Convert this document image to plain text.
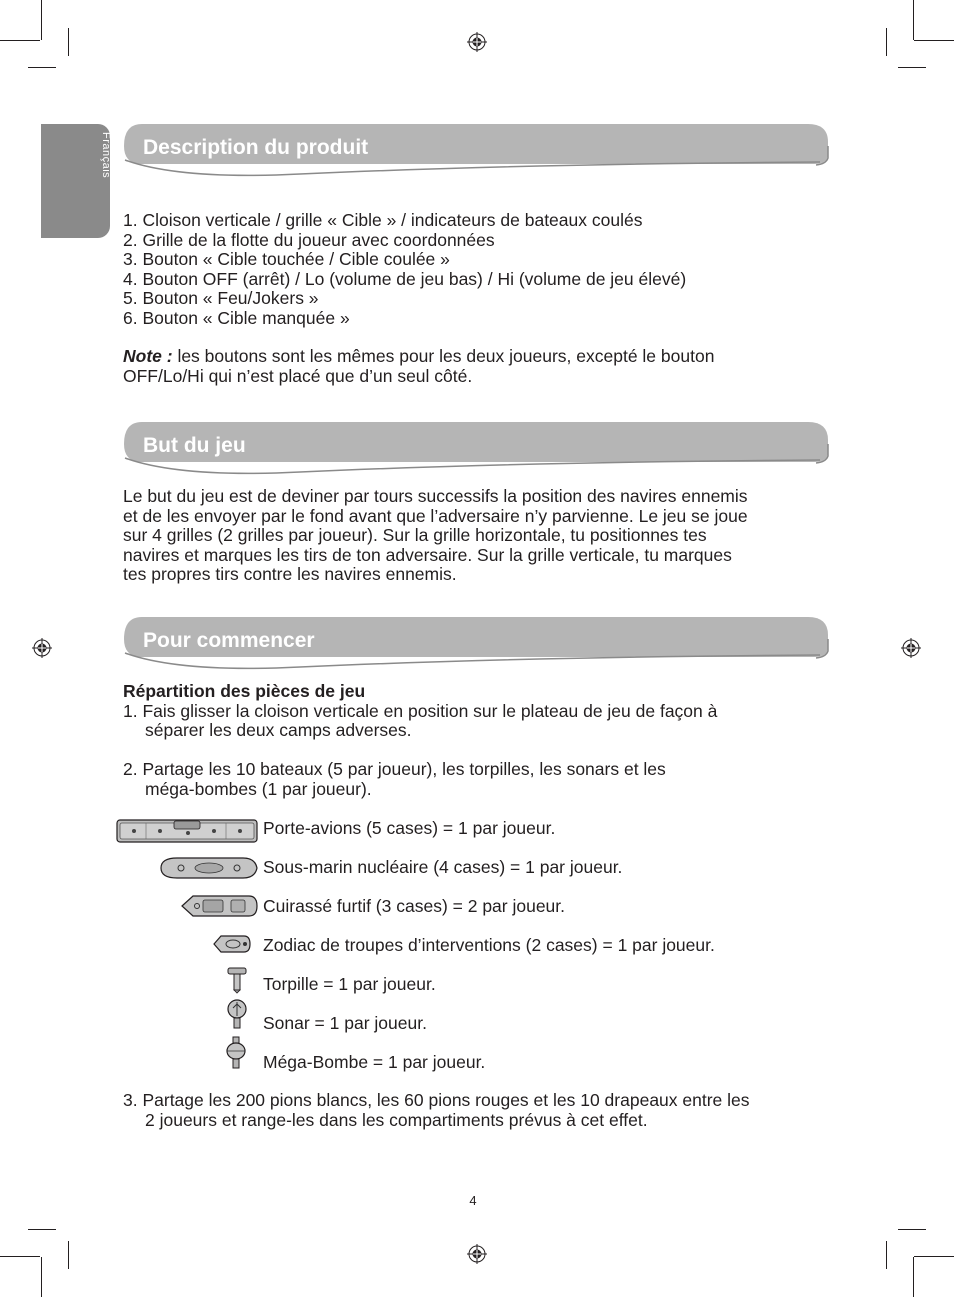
Français Description du produit
1. Cloison verticale / grille « Cible » / indicateurs de bateaux coulés
2. Grille de la flotte du joueur avec coordonnées
3. Bouton « Cible touchée / Cible coulée »
4. Bouton OFF (arrêt) / Lo (volume de jeu bas) / Hi (volume de jeu élevé)
5. Bouton « Feu/Jokers »
6. Bouton « Cible manquée »
Note : les boutons sont les mêmes pour les deux joueurs, excepté le bouton
OFF/Lo/Hi qui n’est placé que d’un seul côté.
But du jeu
Le but du jeu est de deviner par tours successifs la position des navires ennemis
et de les envoyer par le fond avant que l’adversaire n’y parvienne. Le jeu se joue
sur 4 grilles (2 grilles par joueur). Sur la grille horizontale, tu positionnes tes
navires et marques les tirs de ton adversaire. Sur la grille verticale, tu marques
tes propres tirs contre les navires ennemis.
Pour commencer
Répartition des pièces de jeu
1. Fais glisser la cloison verticale en position sur le plateau de jeu de façon à
séparer les deux camps adverses.

2. Partage les 10 bateaux (5 par joueur), les torpilles, les sonars et les
méga-bombes (1 par joueur).
Porte-avions (5 cases) = 1 par joueur.
Sous-marin nucléaire (4 cases) = 1 par joueur.
Cuirassé furtif (3 cases) = 2 par joueur.
Zodiac de troupes d’interventions (2 cases) = 1 par joueur.
Torpille = 1 par joueur.
Sonar = 1 par joueur.
Méga-Bombe = 1 par joueur.
3. Partage les 200 pions blancs, les 60 pions rouges et les 10 drapeaux entre les
2 joueurs et range-les dans les compartiments prévus à cet effet.
4
